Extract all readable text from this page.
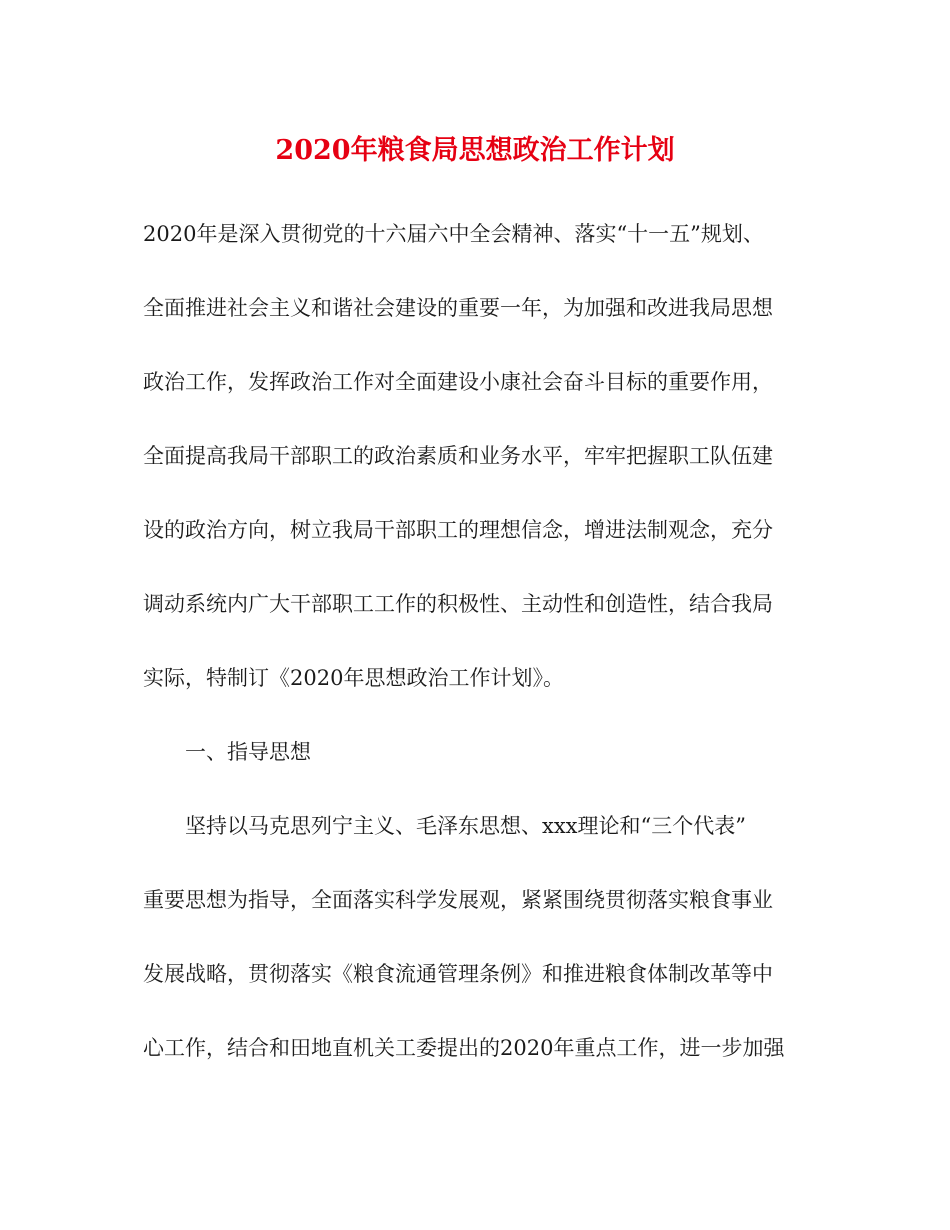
2020年粮食局思想政治工作计划
2020年是深入贯彻党的十六届六中全会精神、落实“十一五”规划、
全面推进社会主义和谐社会建设的重要一年，为加强和改进我局思想
政治工作，发挥政治工作对全面建设小康社会奋斗目标的重要作用，
全面提高我局干部职工的政治素质和业务水平，牢牢把握职工队伍建
设的政治方向，树立我局干部职工的理想信念，增进法制观念，充分
调动系统内广大干部职工工作的积极性、主动性和创造性，结合我局
实际，特制订《2020年思想政治工作计划》。
一、指导思想
坚持以马克思列宁主义、毛泽东思想、xxx理论和“三个代表”
重要思想为指导，全面落实科学发展观，紧紧围绕贯彻落实粮食事业
发展战略，贯彻落实《粮食流通管理条例》和推进粮食体制改革等中
心工作，结合和田地直机关工委提出的2020年重点工作，进一步加强
